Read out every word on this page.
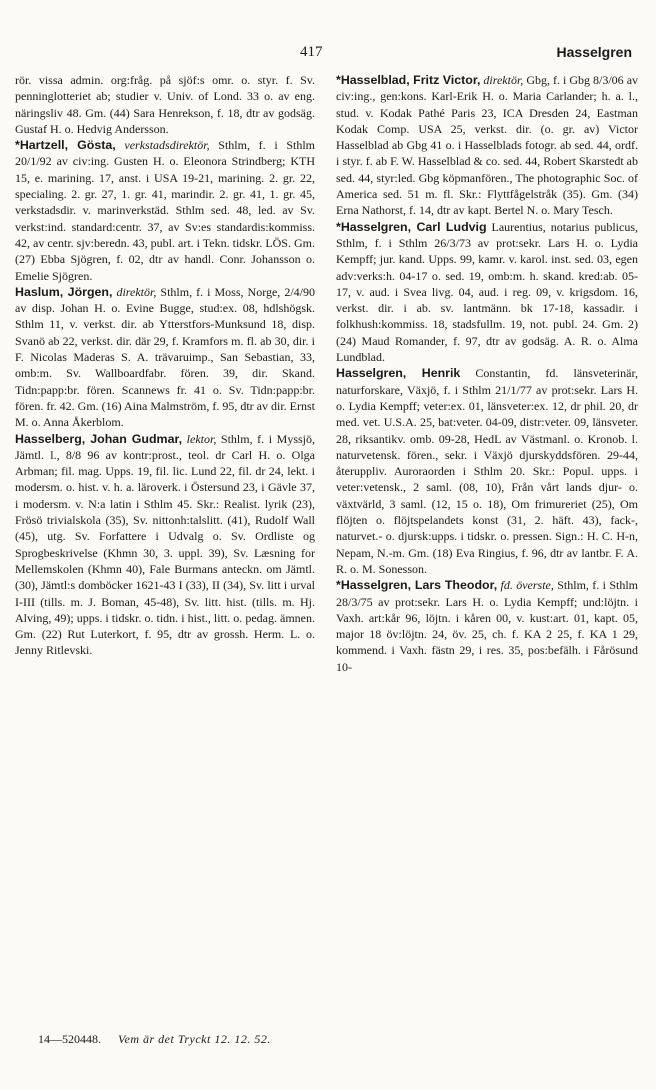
417	Hasselgren

rör. vissa admin. org:fråg. på sjöf:s omr. o. styr. f. Sv. penninglotteriet ab; studier v. Univ. of Lond. 33 o. av eng. näringsliv 48. Gm. (44) Sara Henrekson, f. 18, dtr av godsäg. Gustaf H. o. Hedvig Andersson.

*Hartzell, Gösta, verkstadsdirektör, Sthlm, f. i Sthlm 20/1/92 av civ:ing. Gusten H. o. Eleonora Strindberg; KTH 15, e. marining. 17, anst. i USA 19-21, marining. 2. gr. 22, specialing. 2. gr. 27, 1. gr. 41, marindir. 2. gr. 41, 1. gr. 45, verkstadsdir. v. marinverkstäd. Sthlm sed. 48, led. av Sv. verkst:ind. standard:centr. 37, av Sv:es standardis:kommiss. 42, av centr. sjv:beredn. 43, publ. art. i Tekn. tidskr. LÖS. Gm. (27) Ebba Sjögren, f. 02, dtr av handl. Conr. Johansson o. Emelie Sjögren.

Haslum, Jörgen, direktör, Sthlm, f. i Moss, Norge, 2/4/90 av disp. Johan H. o. Evine Bugge, stud:ex. 08, hdlshögsk. Sthlm 11, v. verkst. dir. ab Ytterstfors-Munksund 18, disp. Svanö ab 22, verkst. dir. där 29, f. Kramfors m. fl. ab 30, dir. i F. Nicolas Maderas S. A. trävaruimp., San Sebastian, 33, omb:m. Sv. Wallboardfabr. fören. 39, dir. Skand. Tidn:papp:br. fören. Scannews fr. 41 o. Sv. Tidn:papp:br. fören. fr. 42. Gm. (16) Aina Malmström, f. 95, dtr av dir. Ernst M. o. Anna Åkerblom.

Hasselberg, Johan Gudmar, lektor, Sthlm, f. i Myssjö, Jämtl. l., 8/8 96 av kontr:prost., teol. dr Carl H. o. Olga Arbman; fil. mag. Upps. 19, fil. lic. Lund 22, fil. dr 24, lekt. i modersm. o. hist. v. h. a. läroverk. i Östersund 23, i Gävle 37, i modersm. v. N:a latin i Sthlm 45. Skr.: Realist. lyrik (23), Frösö trivialskola (35), Sv. nittonh:talslitt. (41), Rudolf Wall (45), utg. Sv. Forfattere i Udvalg o. Sv. Ordliste og Sprogbeskrivelse (Khmn 30, 3. uppl. 39), Sv. Læsning for Mellemskolen (Khmn 40), Fale Burmans anteckn. om Jämtl. (30), Jämtl:s domböcker 1621-43 I (33), II (34), Sv. litt i urval I-III (tills. m. J. Boman, 45-48), Sv. litt. hist. (tills. m. Hj. Alving, 49); upps. i tidskr. o. tidn. i hist., litt. o. pedag. ämnen. Gm. (22) Rut Luterkort, f. 95, dtr av grossh. Herm. L. o. Jenny Ritlevski.

*Hasselblad, Fritz Victor, direktör, Gbg, f. i Gbg 8/3/06 av civ:ing., gen:kons. Karl-Erik H. o. Maria Carlander; h. a. l., stud. v. Kodak Pathé Paris 23, ICA Dresden 24, Eastman Kodak Comp. USA 25, verkst. dir. (o. gr. av) Victor Hasselblad ab Gbg 41 o. i Hasselblads fotogr. ab sed. 44, ordf. i styr. f. ab F. W. Hasselblad & co. sed. 44, Robert Skarstedt ab sed. 44, styr:led. Gbg köpmanfören., The photographic Soc. of America sed. 51 m. fl. Skr.: Flyttfågelstråk (35). Gm. (34) Erna Nathorst, f. 14, dtr av kapt. Bertel N. o. Mary Tesch.

*Hasselgren, Carl Ludvig Laurentius, notarius publicus, Sthlm, f. i Sthlm 26/3/73 av prot:sekr. Lars H. o. Lydia Kempff; jur. kand. Upps. 99, kamr. v. karol. inst. sed. 03, egen adv:verks:h. 04-17 o. sed. 19, omb:m. h. skand. kred:ab. 05-17, v. aud. i Svea livg. 04, aud. i reg. 09, v. krigsdom. 16, verkst. dir. i ab. sv. lantmänn. bk 17-18, kassadir. i folkhush:kommiss. 18, stadsfullm. 19, not. publ. 24. Gm. 2) (24) Maud Romander, f. 97, dtr av godsäg. A. R. o. Alma Lundblad.

Hasselgren, Henrik Constantin, fd. länsveterinär, naturforskare, Växjö, f. i Sthlm 21/1/77 av prot:sekr. Lars H. o. Lydia Kempff; veter:ex. 01, länsveter:ex. 12, dr phil. 20, dr med. vet. U.S.A. 25, bat:veter. 04-09, distr:veter. 09, länsveter. 28, riksantikv. omb. 09-28, HedL av Västmanl. o. Kronob. l. naturvetensk. fören., sekr. i Växjö djurskyddsfören. 29-44, återuppliv. Auroraorden i Sthlm 20. Skr.: Popul. upps. i veter:vetensk., 2 saml. (08, 10), Från vårt lands djur- o. växtvärld, 3 saml. (12, 15 o. 18), Om frimureriet (25), Om flöjten o. flöjtspelandets konst (31, 2. häft. 43), fack-, naturvet.- o. djursk:upps. i tidskr. o. pressen. Sign.: H. C. H-n, Nepam, N.-m. Gm. (18) Eva Ringius, f. 96, dtr av lantbr. F. A. R. o. M. Sonesson.

*Hasselgren, Lars Theodor, fd. överste, Sthlm, f. i Sthlm 28/3/75 av prot:sekr. Lars H. o. Lydia Kempff; und:löjtn. i Vaxh. art:kår 96, löjtn. i kåren 00, v. kust:art. 01, kapt. 05, major 18 öv:löjtn. 24, öv. 25, ch. f. KA 2 25, f. KA 1 29, kommend. i Vaxh. fästn 29, i res. 35, pos:befälh. i Fårösund 10-

14—520448. Vem är det Tryckt 12. 12. 52.
